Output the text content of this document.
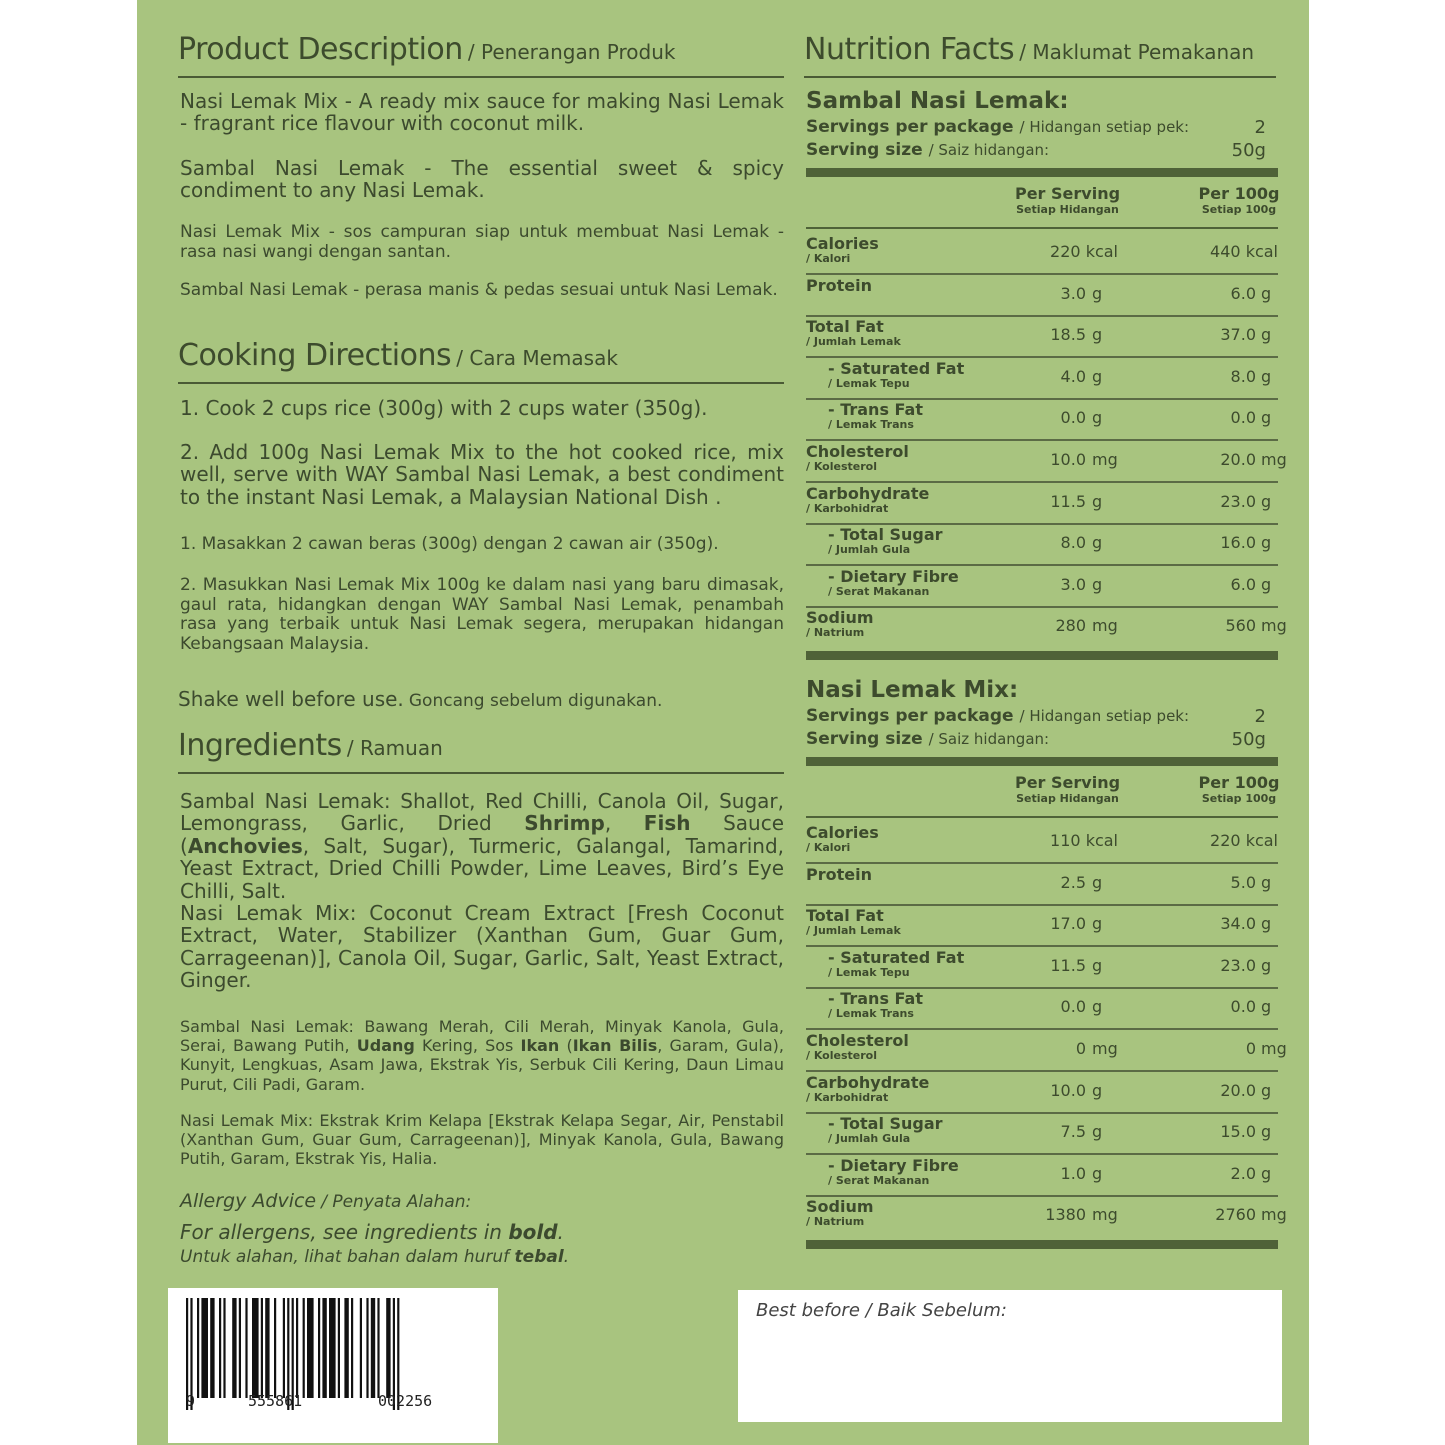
Product Description / Penerangan Produk
Nasi Lemak Mix - A ready mix sauce for making Nasi Lemak - fragrant rice flavour with coconut milk.
Sambal Nasi Lemak - The essential sweet & spicy condiment to any Nasi Lemak.
Nasi Lemak Mix - sos campuran siap untuk membuat Nasi Lemak - rasa nasi wangi dengan santan.
Sambal Nasi Lemak - perasa manis & pedas sesuai untuk Nasi Lemak.
Cooking Directions / Cara Memasak
1. Cook 2 cups rice (300g) with 2 cups water (350g).
2. Add 100g Nasi Lemak Mix to the hot cooked rice, mix well, serve with WAY Sambal Nasi Lemak, a best condiment to the instant Nasi Lemak, a Malaysian National Dish .
1. Masakkan 2 cawan beras (300g) dengan 2 cawan air (350g).
2. Masukkan Nasi Lemak Mix 100g ke dalam nasi yang baru dimasak, gaul rata, hidangkan dengan WAY Sambal Nasi Lemak, penambah rasa yang terbaik untuk Nasi Lemak segera, merupakan hidangan Kebangsaan Malaysia.
Shake well before use. Goncang sebelum digunakan.
Ingredients / Ramuan
Sambal Nasi Lemak: Shallot, Red Chilli, Canola Oil, Sugar, Lemongrass, Garlic, Dried Shrimp, Fish Sauce (Anchovies, Salt, Sugar), Turmeric, Galangal, Tamarind, Yeast Extract, Dried Chilli Powder, Lime Leaves, Bird’s Eye Chilli, Salt.
Nasi Lemak Mix: Coconut Cream Extract [Fresh Coconut Extract, Water, Stabilizer (Xanthan Gum, Guar Gum, Carrageenan)], Canola Oil, Sugar, Garlic, Salt, Yeast Extract, Ginger.
Sambal Nasi Lemak: Bawang Merah, Cili Merah, Minyak Kanola, Gula, Serai, Bawang Putih, Udang Kering, Sos Ikan (Ikan Bilis, Garam, Gula), Kunyit, Lengkuas, Asam Jawa, Ekstrak Yis, Serbuk Cili Kering, Daun Limau Purut, Cili Padi, Garam.
Nasi Lemak Mix: Ekstrak Krim Kelapa [Ekstrak Kelapa Segar, Air, Penstabil (Xanthan Gum, Guar Gum, Carrageenan)], Minyak Kanola, Gula, Bawang Putih, Garam, Ekstrak Yis, Halia.
Allergy Advice / Penyata Alahan:
For allergens, see ingredients in bold.
Untuk alahan, lihat bahan dalam huruf tebal.
Nutrition Facts / Maklumat Pemakanan
Sambal Nasi Lemak:
Servings per package / Hidangan setiap pek:	2
Serving size / Saiz hidangan:	50g
Per Serving
Setiap Hidangan
Per 100g
Setiap 100g
Calories
/ Kalori	220 kcal	440 kcal
Protein	3.0 g	6.0 g
Total Fat
/ Jumlah Lemak	18.5 g	37.0 g
- Saturated Fat
/ Lemak Tepu	4.0 g	8.0 g
- Trans Fat
/ Lemak Trans	0.0 g	0.0 g
Cholesterol
/ Kolesterol	10.0 mg	20.0 mg
Carbohydrate
/ Karbohidrat	11.5 g	23.0 g
- Total Sugar
/ Jumlah Gula	8.0 g	16.0 g
- Dietary Fibre
/ Serat Makanan	3.0 g	6.0 g
Sodium
/ Natrium	280 mg	560 mg
Nasi Lemak Mix:
Servings per package / Hidangan setiap pek:	2
Serving size / Saiz hidangan:	50g
Per Serving
Setiap Hidangan
Per 100g
Setiap 100g
Calories
/ Kalori	110 kcal	220 kcal
Protein	2.5 g	5.0 g
Total Fat
/ Jumlah Lemak	17.0 g	34.0 g
- Saturated Fat
/ Lemak Tepu	11.5 g	23.0 g
- Trans Fat
/ Lemak Trans	0.0 g	0.0 g
Cholesterol
/ Kolesterol	0 mg	0 mg
Carbohydrate
/ Karbohidrat	10.0 g	20.0 g
- Total Sugar
/ Jumlah Gula	7.5 g	15.0 g
- Dietary Fibre
/ Serat Makanan	1.0 g	2.0 g
Sodium
/ Natrium	1380 mg	2760 mg
9	555861	002256
Best before / Baik Sebelum:
